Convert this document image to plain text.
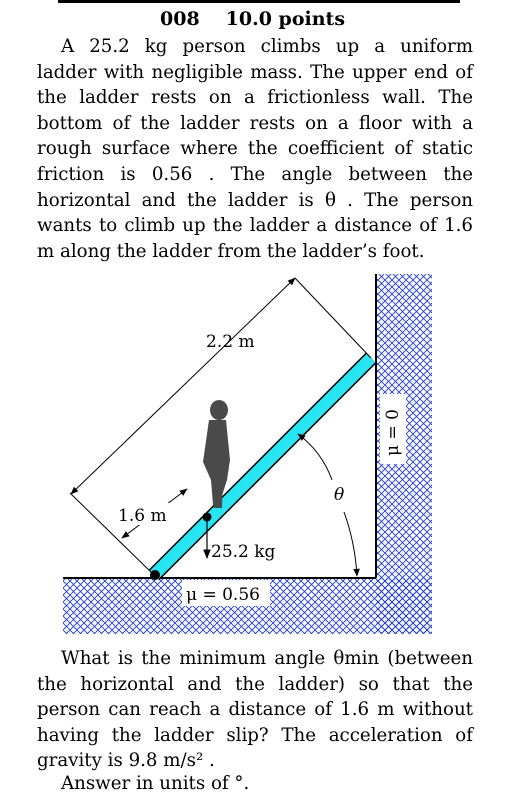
008 10.0 points

A 25.2 kg person climbs up a uniform ladder with negligible mass. The upper end of the ladder rests on a frictionless wall. The bottom of the ladder rests on a floor with a rough surface where the coefficient of static friction is 0.56 . The angle between the horizontal and the ladder is θ . The person wants to climb up the ladder a distance of 1.6 m along the ladder from the ladder’s foot.

2.2 m
25.2 kg
1.6 m
θ
μ = 0.56
μ = 0

What is the minimum angle θmin (between the horizontal and the ladder) so that the person can reach a distance of 1.6 m without having the ladder slip? The acceleration of gravity is 9.8 m/s² .

Answer in units of °.
